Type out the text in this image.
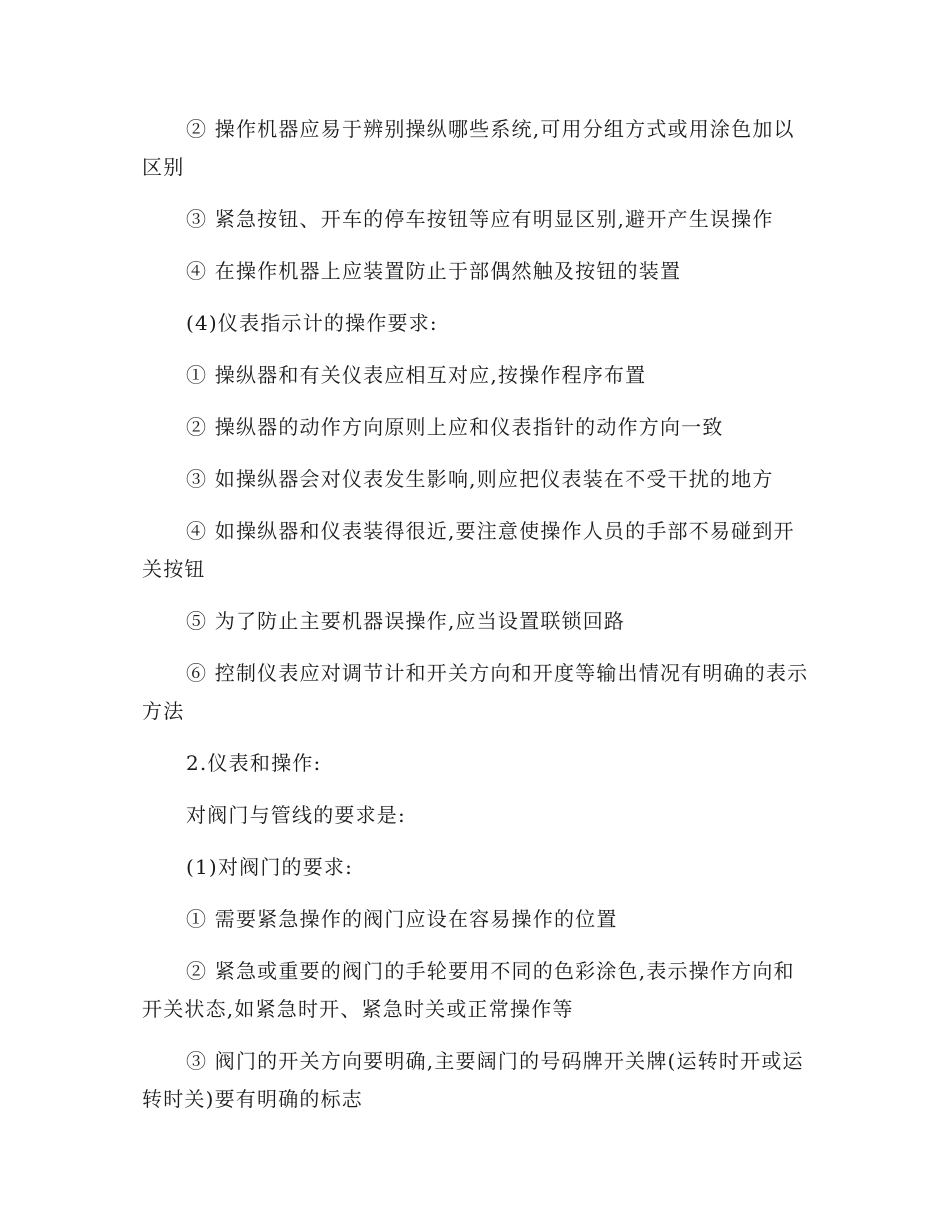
② 操作机器应易于辨别操纵哪些系统,可用分组方式或用涂色加以区别

③ 紧急按钮、开车的停车按钮等应有明显区别,避开产生误操作

④ 在操作机器上应装置防止于部偶然触及按钮的装置

(4)仪表指示计的操作要求:

① 操纵器和有关仪表应相互对应,按操作程序布置

② 操纵器的动作方向原则上应和仪表指针的动作方向一致

③ 如操纵器会对仪表发生影响,则应把仪表装在不受干扰的地方

④ 如操纵器和仪表装得很近,要注意使操作人员的手部不易碰到开关按钮

⑤ 为了防止主要机器误操作,应当设置联锁回路

⑥ 控制仪表应对调节计和开关方向和开度等输出情况有明确的表示方法

2.仪表和操作:

对阀门与管线的要求是:

(1)对阀门的要求:

① 需要紧急操作的阀门应设在容易操作的位置

② 紧急或重要的阀门的手轮要用不同的色彩涂色,表示操作方向和开关状态,如紧急时开、紧急时关或正常操作等

③ 阀门的开关方向要明确,主要阔门的号码牌开关牌(运转时开或运转时关)要有明确的标志
